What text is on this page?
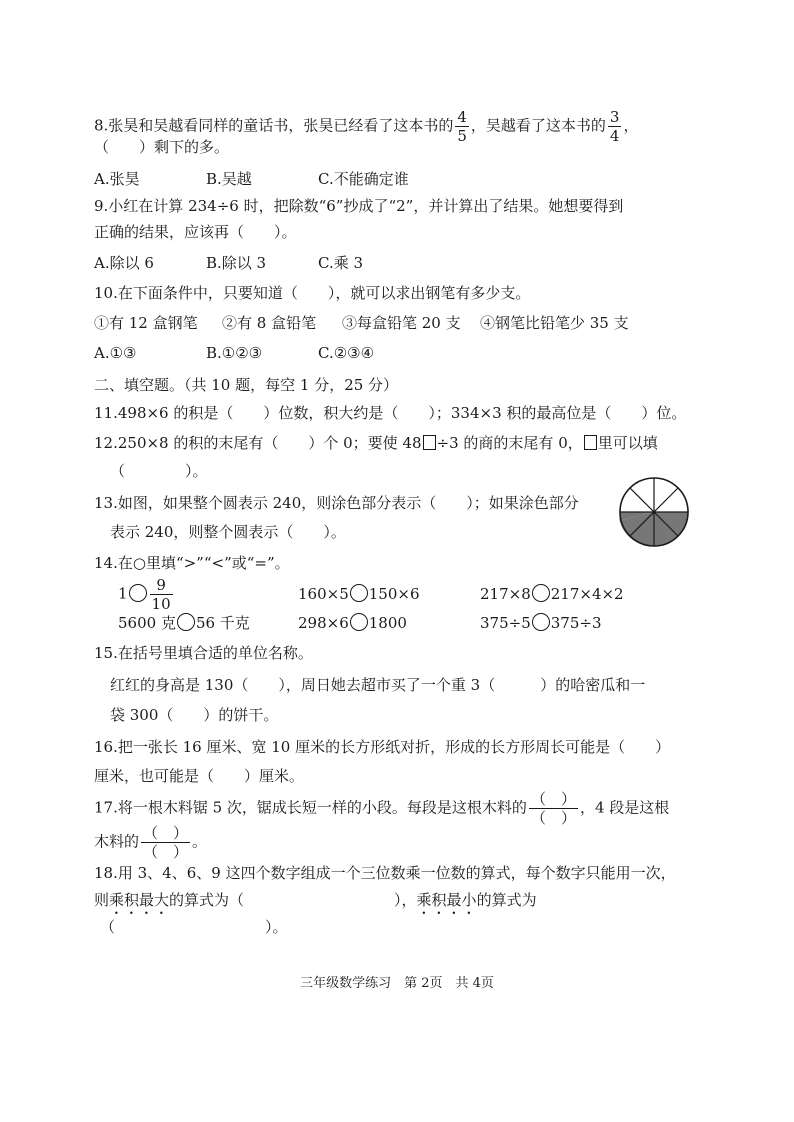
8.张昊和吴越看同样的童话书，张昊已经看了这本书的 $\frac{4}{5}$ ，吴越看了这本书的 $\frac{3}{4}$ ，
（　　）剩下的多。
A.张昊	B.吴越	C.不能确定谁
9.小红在计算 234÷6 时，把除数“6”抄成了“2”，并计算出了结果。她想要得到
正确的结果，应该再（　　）。
A.除以 6	B.除以 3	C.乘 3
10.在下面条件中，只要知道（　　），就可以求出钢笔有多少支。
①有 12 盒钢笔 ②有 8 盒铅笔 ③每盒铅笔 20 支 ④钢笔比铅笔少 35 支
A.①③	B.①②③	C.②③④
二、填空题。（共 10 题，每空 1 分，25 分）
11.498×6 的积是（　　）位数，积大约是（　　）；334×3 积的最高位是（　　）位。
12.250×8 的积的末尾有（　　）个 0；要使 48 ÷3 的商的末尾有 0， 里可以填
（　　　　）。
13.如图，如果整个圆表示 240，则涂色部分表示（　　）；如果涂色部分
表示 240，则整个圆表示（　　）。
14.在○里填“>”“<”或“=”。
$1 \frac{9}{10}$	160×5 150×6	217×8 217×4×2
5600 克 56 千克	298×6 1800	375÷5 375÷3
15.在括号里填合适的单位名称。
红红的身高是 130（　　），周日她去超市买了一个重 3（　　　）的哈密瓜和一
袋 300（　　）的饼干。
16.把一张长 16 厘米、宽 10 厘米的长方形纸对折，形成的长方形周长可能是（　　）
厘米，也可能是（　　）厘米。
17.将一根木料锯 5 次，锯成长短一样的小段。每段是这根木料的 $\frac{( )}{( )}$ ，4 段是这根
木料的 $\frac{( )}{( )}$ 。
18.用 3、4、6、9 这四个数字组成一个三位数乘一位数的算式，每个数字只能用一次，
则乘积最大的算式为（　　　　　　　　　　），乘积最小的算式为
（　　　　　　　　　　）。
三年级数学练习　第 2页　共 4页
